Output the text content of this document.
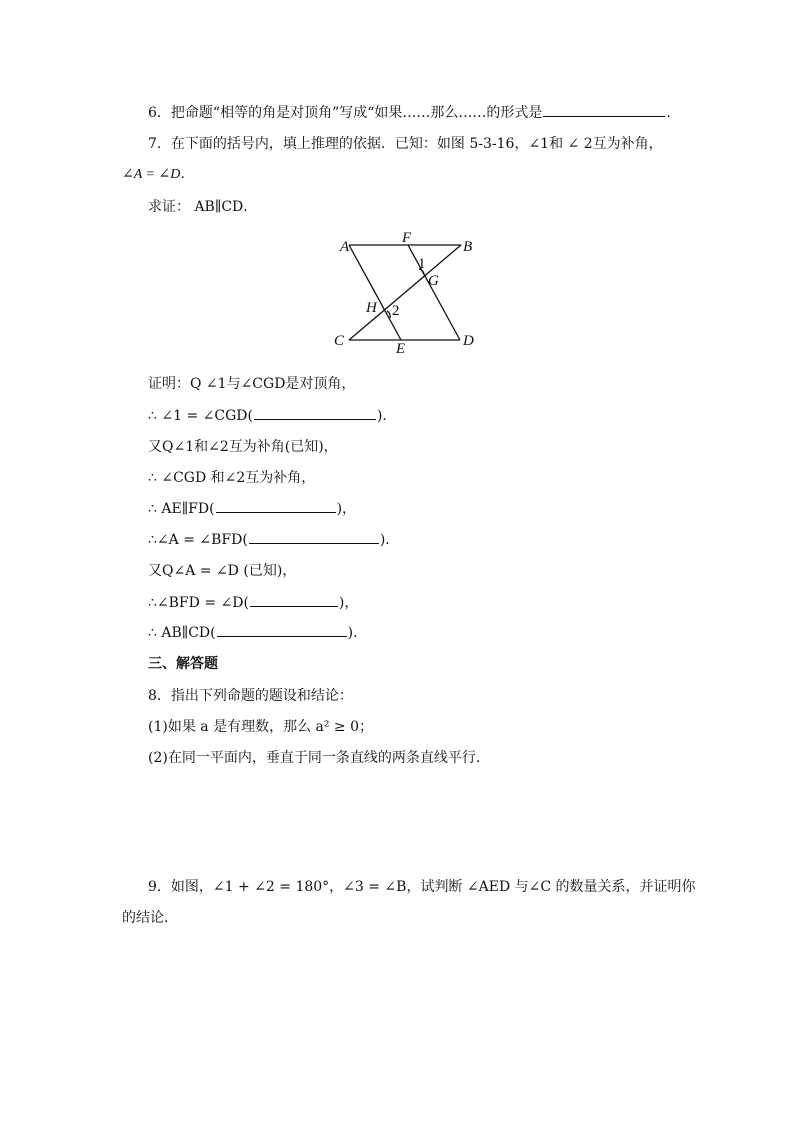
6．把命题“相等的角是对顶角”写成“如果……那么……的形式是	．
7．在下面的括号内，填上推理的依据．已知：如图 5-3-16，∠1和 ∠ 2互为补角，
∠A = ∠D．
求证： AB∥CD．
A
F
B
1
G
H 2
C	E	D
证明：Q ∠1与∠CGD是对顶角，
∴ ∠1 = ∠CGD(	)．
又Q∠1和∠2互为补角(已知)，
∴ ∠CGD 和∠2互为补角，
∴ AE∥FD(	)，
∴∠A = ∠BFD(	)．
又Q∠A = ∠D (已知)，
∴∠BFD = ∠D(	)，
∴ AB∥CD(	)．
三、解答题
8．指出下列命题的题设和结论：
(1)如果 a 是有理数，那么 a² ≥ 0；
(2)在同一平面内，垂直于同一条直线的两条直线平行．
9．如图，∠1 + ∠2 = 180°，∠3 = ∠B，试判断 ∠AED 与∠C 的数量关系，并证明你
的结论．
